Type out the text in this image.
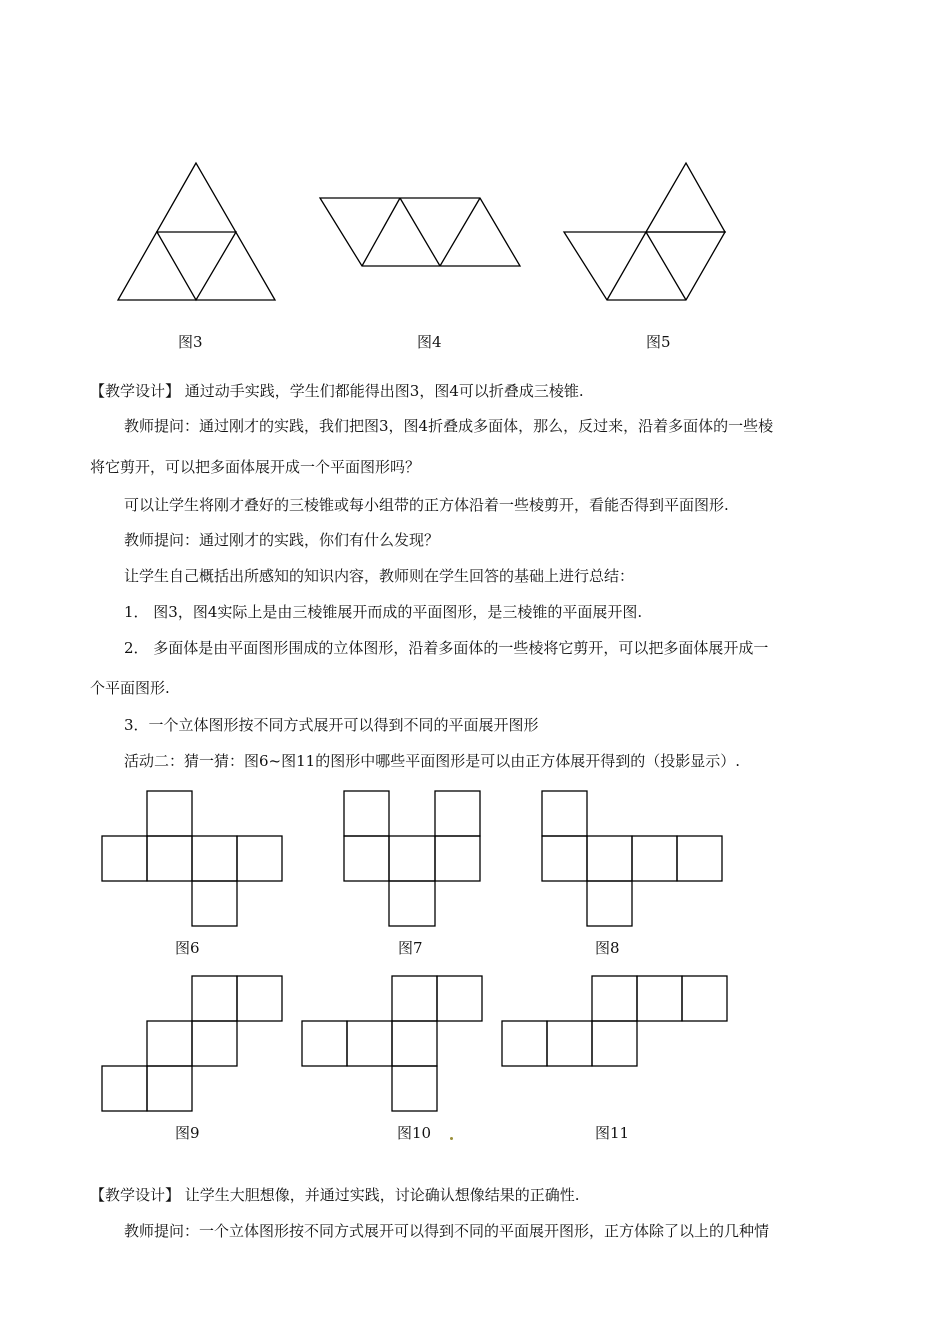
图3	图4	图5
【教学设计】 通过动手实践，学生们都能得出图3，图4可以折叠成三棱锥.
教师提问：通过刚才的实践，我们把图3，图4折叠成多面体，那么，反过来，沿着多面体的一些棱
将它剪开，可以把多面体展开成一个平面图形吗？
可以让学生将刚才叠好的三棱锥或每小组带的正方体沿着一些棱剪开，看能否得到平面图形.
教师提问：通过刚才的实践，你们有什么发现？
让学生自己概括出所感知的知识内容，教师则在学生回答的基础上进行总结：
1． 图3，图4实际上是由三棱锥展开而成的平面图形，是三棱锥的平面展开图.
2． 多面体是由平面图形围成的立体图形，沿着多面体的一些棱将它剪开，可以把多面体展开成一
个平面图形.
3．一个立体图形按不同方式展开可以得到不同的平面展开图形
活动二：猜一猜：图6~图11的图形中哪些平面图形是可以由正方体展开得到的（投影显示）.
图6	图7	图8
图9	图10	图11
【教学设计】 让学生大胆想像，并通过实践，讨论确认想像结果的正确性.
教师提问：一个立体图形按不同方式展开可以得到不同的平面展开图形，正方体除了以上的几种情
